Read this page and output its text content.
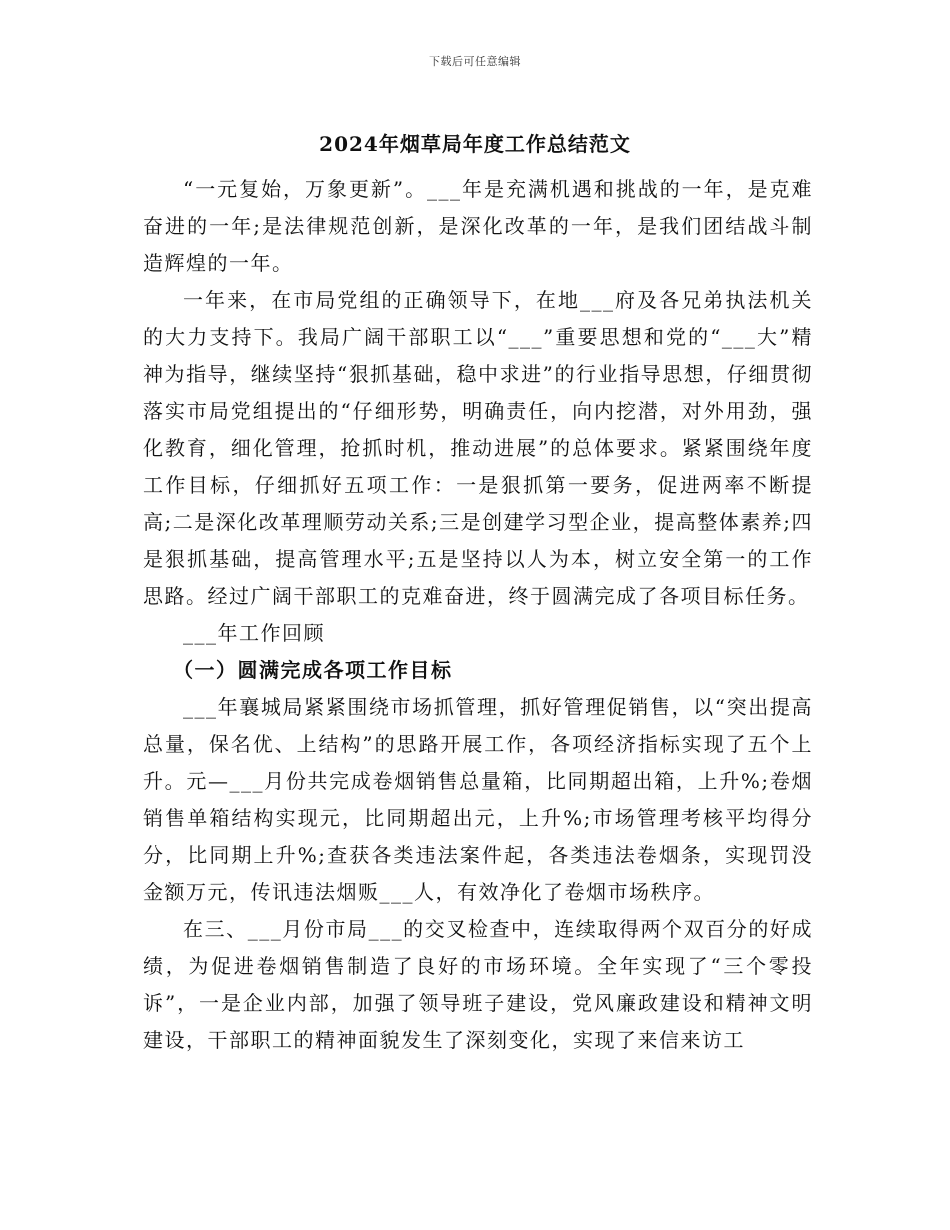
下载后可任意编辑
2024年烟草局年度工作总结范文

“一元复始，万象更新”。___年是充满机遇和挑战的一年，是克难奋进的一年;是法律规范创新，是深化改革的一年，是我们团结战斗制造辉煌的一年。

一年来，在市局党组的正确领导下，在地___府及各兄弟执法机关的大力支持下。我局广阔干部职工以“___”重要思想和党的“___大”精神为指导，继续坚持“狠抓基础，稳中求进”的行业指导思想，仔细贯彻落实市局党组提出的“仔细形势，明确责任，向内挖潜，对外用劲，强化教育，细化管理，抢抓时机，推动进展”的总体要求。紧紧围绕年度工作目标，仔细抓好五项工作：一是狠抓第一要务，促进两率不断提高;二是深化改革理顺劳动关系;三是创建学习型企业，提高整体素养;四是狠抓基础，提高管理水平;五是坚持以人为本，树立安全第一的工作思路。经过广阔干部职工的克难奋进，终于圆满完成了各项目标任务。

___年工作回顾

（一）圆满完成各项工作目标

___年襄城局紧紧围绕市场抓管理，抓好管理促销售，以“突出提高总量，保名优、上结构”的思路开展工作，各项经济指标实现了五个上升。元—___月份共完成卷烟销售总量箱，比同期超出箱，上升%;卷烟销售单箱结构实现元，比同期超出元，上升%;市场管理考核平均得分分，比同期上升%;查获各类违法案件起，各类违法卷烟条，实现罚没金额万元，传讯违法烟贩___人，有效净化了卷烟市场秩序。

在三、___月份市局___的交叉检查中，连续取得两个双百分的好成绩，为促进卷烟销售制造了良好的市场环境。全年实现了“三个零投诉”，一是企业内部，加强了领导班子建设，党风廉政建设和精神文明建设，干部职工的精神面貌发生了深刻变化，实现了来信来访工
